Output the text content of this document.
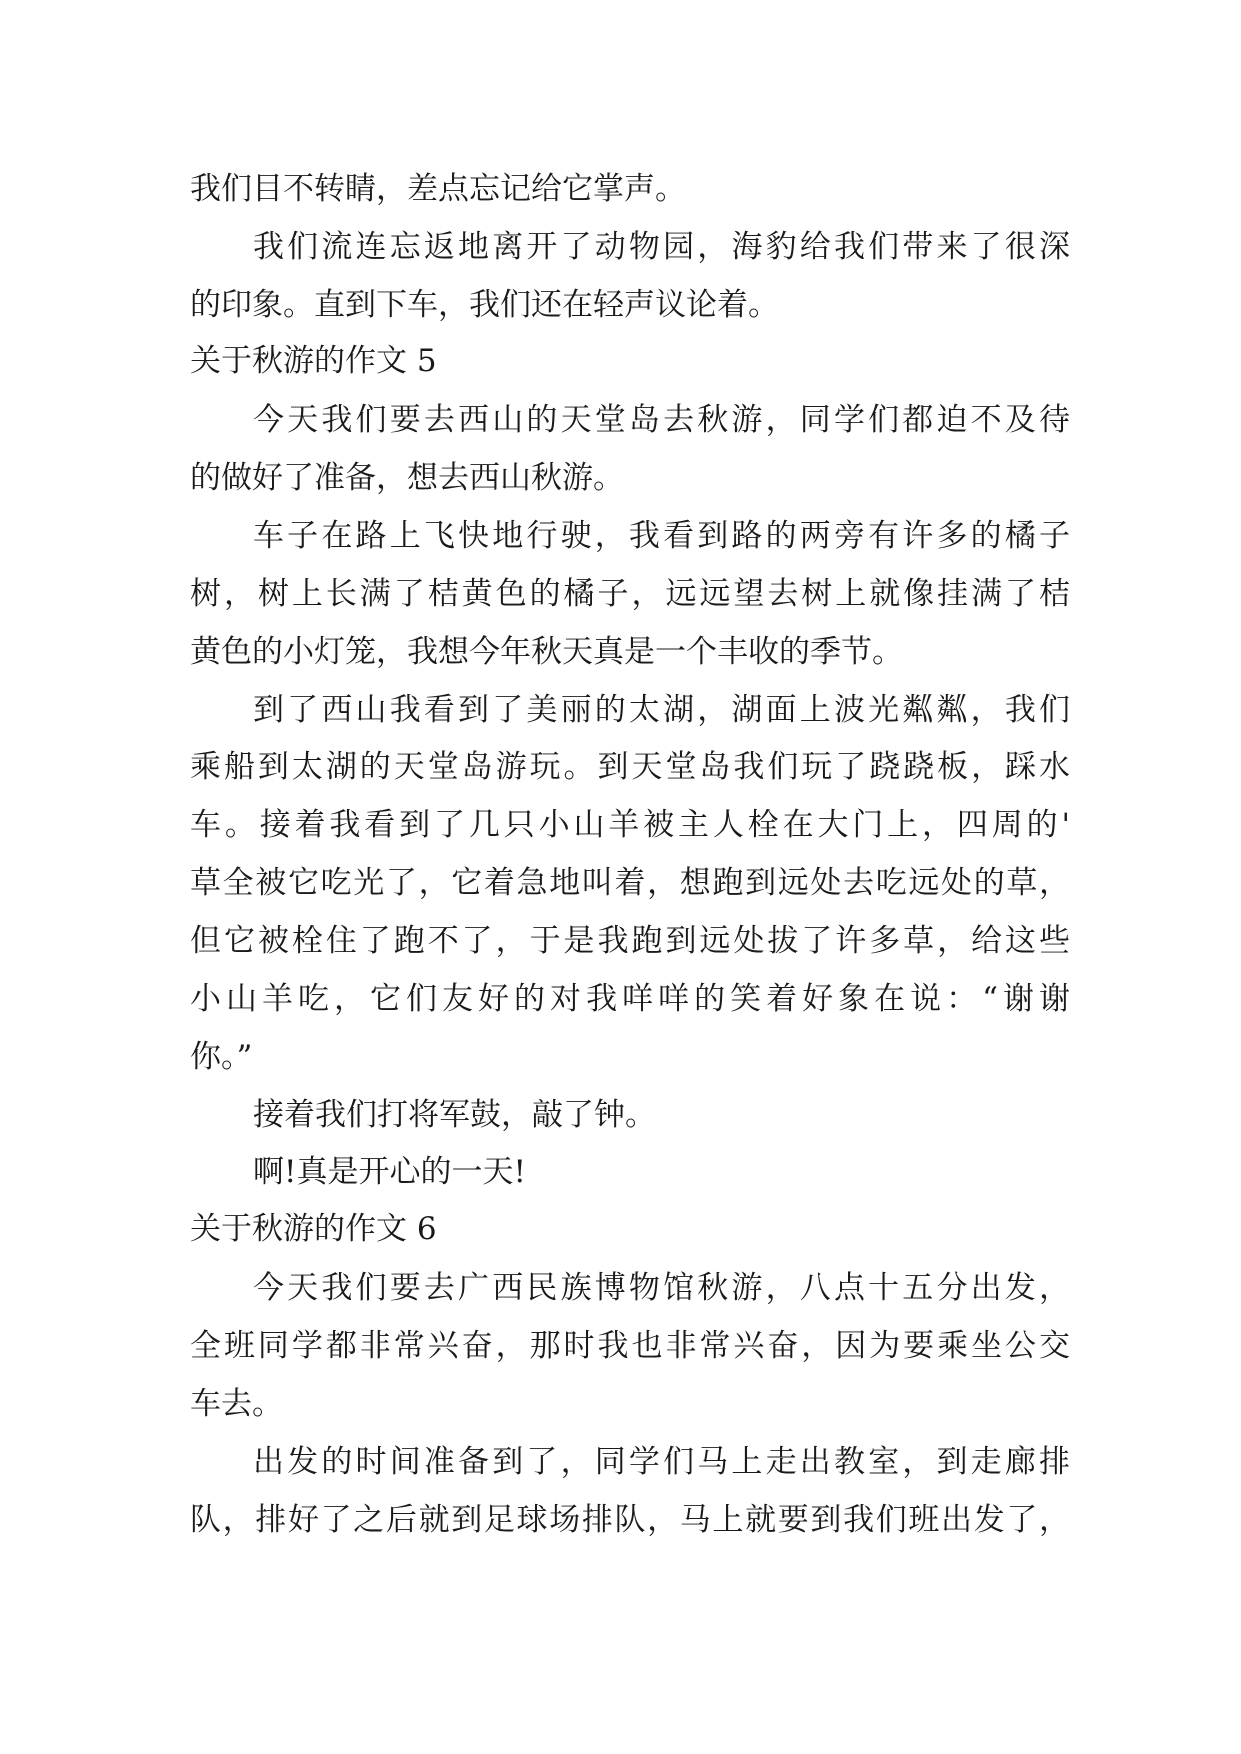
我们目不转睛，差点忘记给它掌声。
我们流连忘返地离开了动物园，海豹给我们带来了很深
的印象。直到下车，我们还在轻声议论着。
关于秋游的作文 5
今天我们要去西山的天堂岛去秋游，同学们都迫不及待
的做好了准备，想去西山秋游。
车子在路上飞快地行驶，我看到路的两旁有许多的橘子
树，树上长满了桔黄色的橘子，远远望去树上就像挂满了桔
黄色的小灯笼，我想今年秋天真是一个丰收的季节。
到了西山我看到了美丽的太湖，湖面上波光粼粼，我们
乘船到太湖的天堂岛游玩。到天堂岛我们玩了跷跷板，踩水
车。接着我看到了几只小山羊被主人栓在大门上，四周的'
草全被它吃光了，它着急地叫着，想跑到远处去吃远处的草，
但它被栓住了跑不了，于是我跑到远处拔了许多草，给这些
小山羊吃，它们友好的对我咩咩的笑着好象在说：“谢谢
你。”
接着我们打将军鼓，敲了钟。
啊!真是开心的一天!
关于秋游的作文 6
今天我们要去广西民族博物馆秋游，八点十五分出发，
全班同学都非常兴奋，那时我也非常兴奋，因为要乘坐公交
车去。
出发的时间准备到了，同学们马上走出教室，到走廊排
队，排好了之后就到足球场排队，马上就要到我们班出发了，
